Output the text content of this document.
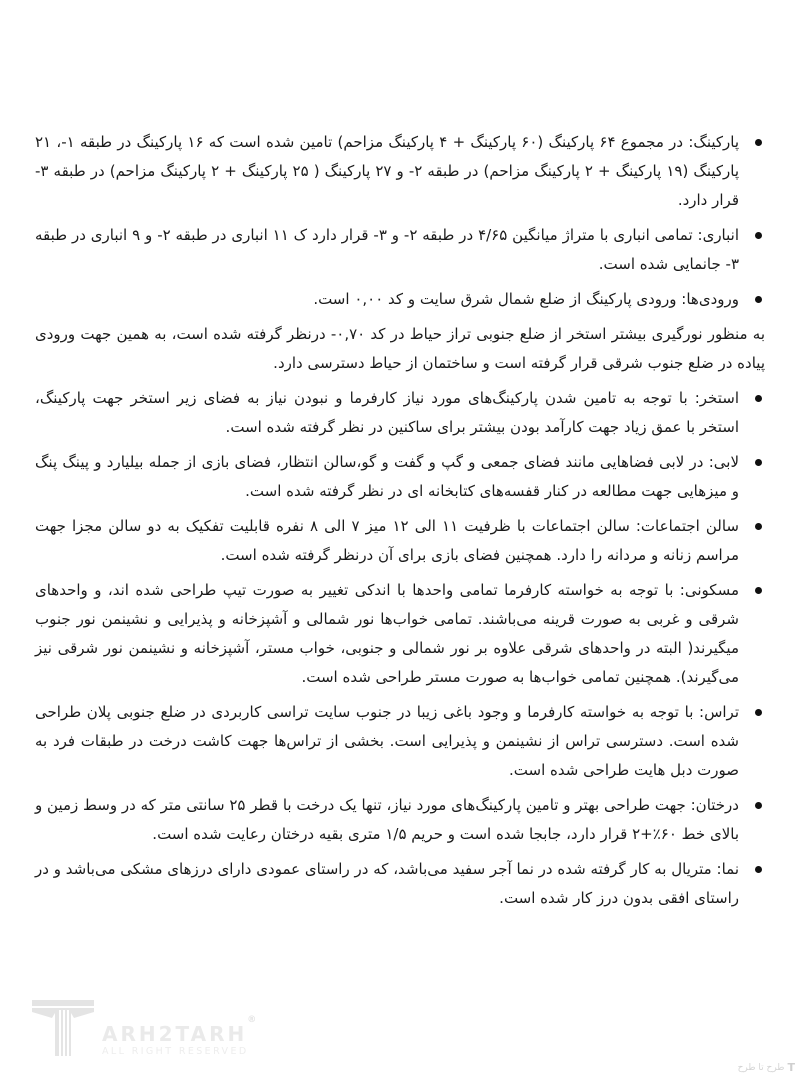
پارکینگ: در مجموع ۶۴ پارکینگ (۶۰ پارکینگ + ۴ پارکینگ مزاحم) تامین شده است که ۱۶ پارکینگ در طبقه ۱-، ۲۱ پارکینگ (۱۹ پارکینگ + ۲ پارکینگ مزاحم) در طبقه ۲- و ۲۷ پارکینگ ( ۲۵ پارکینگ + ۲ پارکینگ مزاحم) در طبقه ۳- قرار دارد.
انباری: تمامی انباری با متراژ میانگین ۴/۶۵ در طبقه ۲- و ۳- قرار دارد ک ۱۱ انباری در طبقه ۲- و ۹ انباری در طبقه ۳- جانمایی شده است.
ورودی‌ها: ورودی پارکینگ از ضلع شمال شرق سایت و کد ۰,۰۰ است.

به منظور نورگیری بیشتر استخر از ضلع جنوبی تراز حیاط در کد ۰,۷۰- درنظر گرفته شده است، به همین جهت ورودی پیاده در ضلع جنوب شرقی قرار گرفته است و ساختمان از حیاط دسترسی دارد.

استخر: با توجه به تامین شدن پارکینگ‌های مورد نیاز کارفرما و نبودن نیاز به فضای زیر استخر جهت پارکینگ، استخر با عمق زیاد جهت کارآمد بودن بیشتر برای ساکنین در نظر گرفته شده است.
لابی: در لابی فضاهایی مانند فضای جمعی و گپ و گفت و گو،سالن انتظار، فضای بازی از جمله بیلیارد و پینگ پنگ و میزهایی جهت مطالعه در کنار قفسه‌های کتابخانه ای در نظر گرفته شده است.
سالن اجتماعات: سالن اجتماعات با ظرفیت ۱۱ الی ۱۲ میز ۷ الی ۸ نفره قابلیت تفکیک به دو سالن مجزا جهت مراسم زنانه و مردانه را دارد. همچنین فضای بازی برای آن درنظر گرفته شده است.
مسکونی: با توجه به خواسته کارفرما تمامی واحدها با اندکی تغییر به صورت تیپ طراحی شده اند، و واحدهای شرقی و غربی به صورت قرینه می‌باشند. تمامی خواب‌ها نور شمالی و آشپزخانه و پذیرایی و نشینمن نور جنوب میگیرند( البته در واحدهای شرقی علاوه بر نور شمالی و جنوبی، خواب مستر، آشپزخانه و نشینمن نور شرقی نیز می‌گیرند). همچنین تمامی خواب‌ها به صورت مستر طراحی شده است.
تراس: با توجه به خواسته کارفرما و وجود باغی زیبا در جنوب سایت تراسی کاربردی در ضلع جنوبی پلان طراحی شده است. دسترسی تراس از نشینمن و پذیرایی است. بخشی از تراس‌ها جهت کاشت درخت در طبقات فرد به صورت دبل هایت طراحی شده است.
درختان: جهت طراحی بهتر و تامین پارکینگ‌های مورد نیاز، تنها یک درخت با قطر ۲۵ سانتی متر که در وسط زمین و بالای خط ⁦۲+٪۶۰⁩ قرار دارد، جابجا شده است و حریم ۱/۵ متری بقیه درختان رعایت شده است.
نما: متریال به کار گرفته شده در نما آجر سفید می‌باشد، که در راستای عمودی دارای درزهای مشکی می‌باشد و در راستای افقی بدون درز کار شده است.
ARH2TARH®
ALL RIGHT RESERVED
T
طرح تا طرح
